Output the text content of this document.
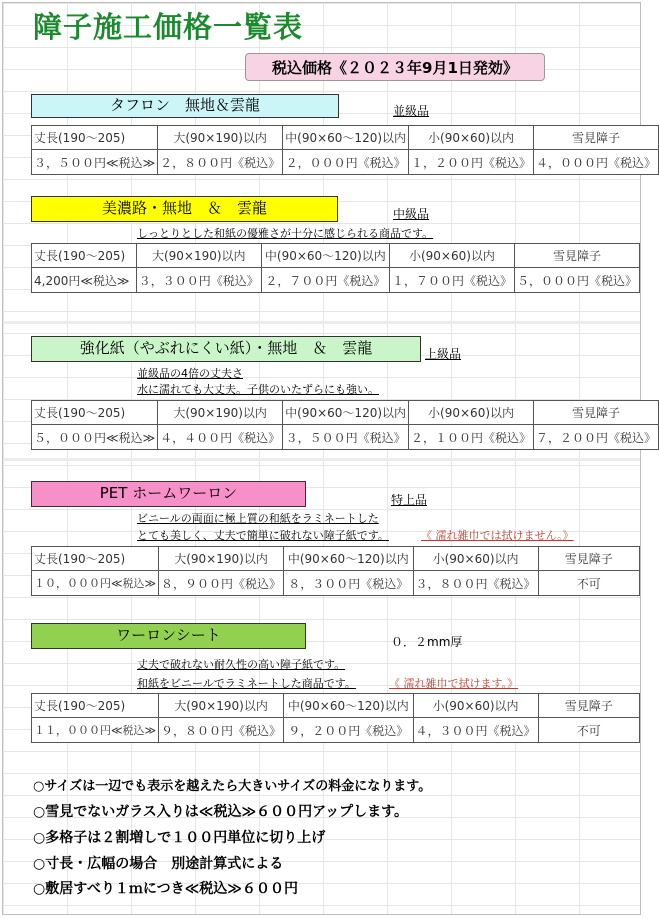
障子施工価格一覧表
税込価格《２０２３年9月1日発効》
タフロン　無地＆雲龍	並級品
丈長(190～205)	大(90×190)以内	中(90×60～120)以内	小(90×60)以内	雪見障子
３，５００円≪税込≫	２，８００円《税込》	２，０００円《税込》	１，２００円《税込》	４，０００円《税込》
美濃路・無地　＆　雲龍	中級品
しっとりとした和紙の優雅さが十分に感じられる商品です。
丈長(190～205)	大(90×190)以内	中(90×60～120)以内	小(90×60)以内	雪見障子
4,200円≪税込≫	３，３００円《税込》	２，７００円《税込》	１，７００円《税込》	５，０００円《税込》
強化紙（やぶれにくい紙）・無地　＆　雲龍	上級品
並級品の4倍の丈夫さ
水に濡れても大丈夫。子供のいたずらにも強い。
丈長(190～205)	大(90×190)以内	中(90×60～120)以内	小(90×60)以内	雪見障子
５，０００円≪税込≫	４，４００円《税込》	３，５００円《税込》	２，１００円《税込》	７，２００円《税込》
PET ホームワーロン	特上品
ビニールの両面に極上質の和紙をラミネートした
とても美しく、丈夫で簡単に破れない障子紙です。	《 濡れ雑巾では拭けません。》
丈長(190～205)	大(90×190)以内	中(90×60～120)以内	小(90×60)以内	雪見障子
１０，０００円≪税込≫	８，９００円《税込》	８，３００円《税込》	３，８００円《税込》	不可
ワーロンシート	０．２mm厚
丈夫で破れない耐久性の高い障子紙です。
和紙をビニールでラミネートした商品です。	《 濡れ雑巾で拭けます。》
丈長(190～205)	大(90×190)以内	中(90×60～120)以内	小(90×60)以内	雪見障子
１１，０００円≪税込≫	９，８００円《税込》	９，２００円《税込》	４，３００円《税込》	不可
○サイズは一辺でも表示を越えたら大きいサイズの料金になります。
○雪見でないガラス入りは≪税込≫６００円アップします。
○多格子は２割増しで１００円単位に切り上げ
○寸長・広幅の場合　別途計算式による
○敷居すべり１ｍにつき≪税込≫６００円
